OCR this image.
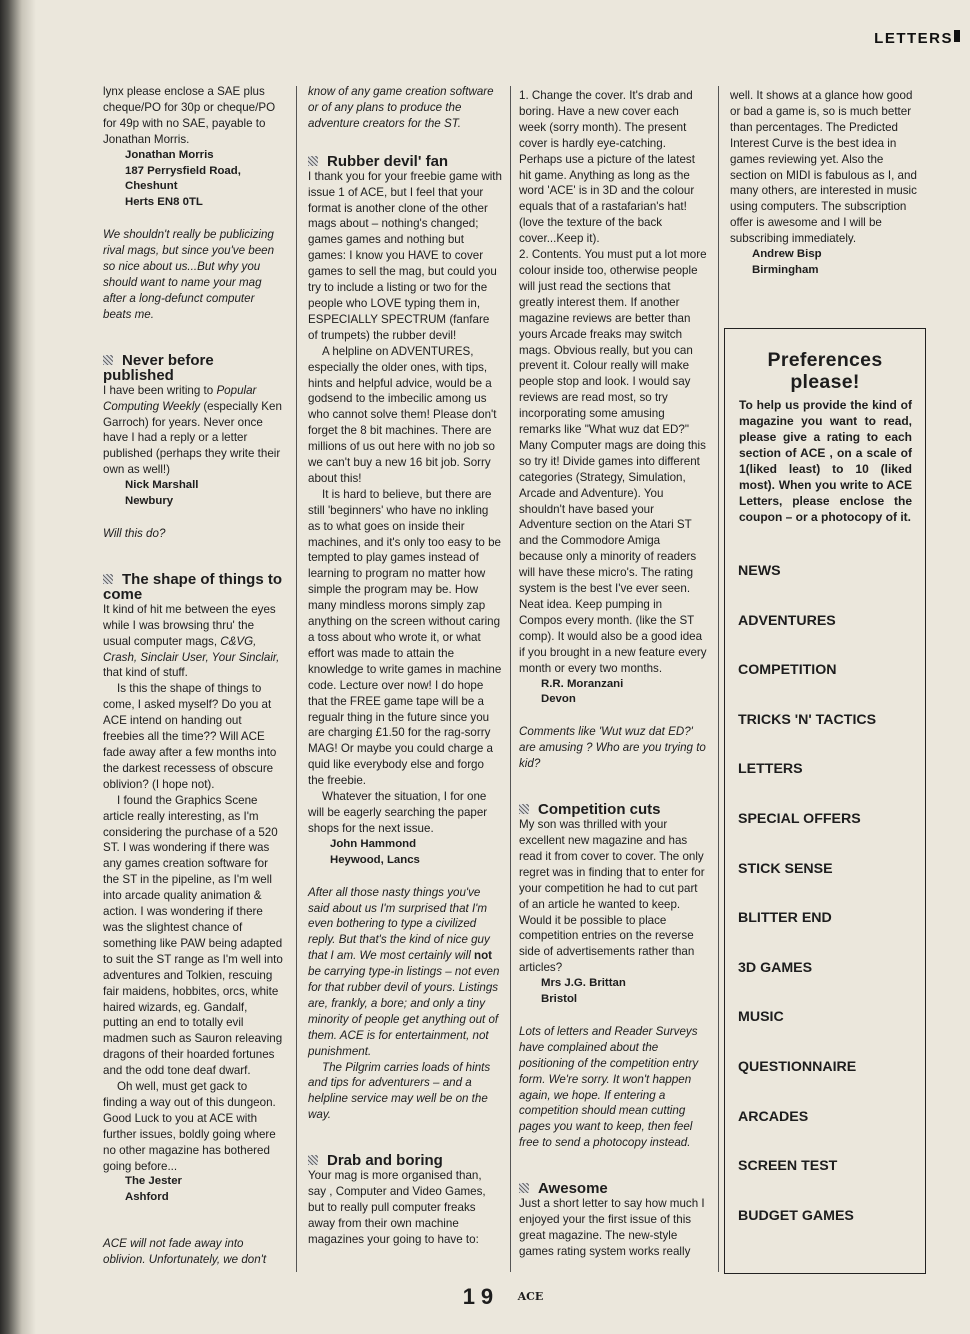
LETTERS

lynx please enclose a SAE plus cheque/PO for 30p or cheque/PO for 49p with no SAE, payable to Jonathan Morris.

Jonathan Morris
187 Perrysfield Road,
Cheshunt
Herts EN8 0TL

We shouldn't really be publicizing rival mags, but since you've been so nice about us...But why you should want to name your mag after a long-defunct computer beats me.

Never before published

I have been writing to Popular Computing Weekly (especially Ken Garroch) for years. Never once have I had a reply or a letter published (perhaps they write their own as well!)

Nick Marshall
Newbury

Will this do?

The shape of things to come

It kind of hit me between the eyes while I was browsing thru' the usual computer mags, C&VG, Crash, Sinclair User, Your Sinclair, that kind of stuff.

Is this the shape of things to come, I asked myself? Do you at ACE intend on handing out freebies all the time?? Will ACE fade away after a few months into the darkest recessess of obscure oblivion? (I hope not).

I found the Graphics Scene article really interesting, as I'm considering the purchase of a 520 ST. I was wondering if there was any games creation software for the ST in the pipeline, as I'm well into arcade quality animation & action. I was wondering if there was the slightest chance of something like PAW being adapted to suit the ST range as I'm well into adventures and Tolkien, rescuing fair maidens, hobbites, orcs, white haired wizards, eg. Gandalf, putting an end to totally evil madmen such as Sauron releaving dragons of their hoarded fortunes and the odd tone deaf dwarf.

Oh well, must get gack to finding a way out of this dungeon. Good Luck to you at ACE with further issues, boldly going where no other magazine has bothered going before...

The Jester
Ashford

ACE will not fade away into oblivion. Unfortunately, we don't

know of any game creation software or of any plans to produce the adventure creators for the ST.

Rubber devil' fan

I thank you for your freebie game with issue 1 of ACE, but I feel that your format is another clone of the other mags about – nothing's changed; games games and nothing but games: I know you HAVE to cover games to sell the mag, but could you try to include a listing or two for the people who LOVE typing them in, ESPECIALLY SPECTRUM (fanfare of trumpets) the rubber devil!

A helpline on ADVENTURES, especially the older ones, with tips, hints and helpful advice, would be a godsend to the imbecilic among us who cannot solve them! Please don't forget the 8 bit machines. There are millions of us out here with no job so we can't buy a new 16 bit job. Sorry about this!

It is hard to believe, but there are still 'beginners' who have no inkling as to what goes on inside their machines, and it's only too easy to be tempted to play games instead of learning to program no matter how simple the program may be. How many mindless morons simply zap anything on the screen without caring a toss about who wrote it, or what effort was made to attain the knowledge to write games in machine code. Lecture over now! I do hope that the FREE game tape will be a regualr thing in the future since you are charging £1.50 for the rag-sorry MAG! Or maybe you could charge a quid like everybody else and forgo the freebie.

Whatever the situation, I for one will be eagerly searching the paper shops for the next issue.

John Hammond
Heywood, Lancs

After all those nasty things you've said about us I'm surprised that I'm even bothering to type a civilized reply. But that's the kind of nice guy that I am. We most certainly will not be carrying type-in listings – not even for that rubber devil of yours. Listings are, frankly, a bore; and only a tiny minority of people get anything out of them. ACE is for entertainment, not punishment.

The Pilgrim carries loads of hints and tips for adventurers – and a helpline service may well be on the way.

Drab and boring

Your mag is more organised than, say , Computer and Video Games, but to really pull computer freaks away from their own machine magazines your going to have to:

1. Change the cover. It's drab and boring. Have a new cover each week (sorry month). The present cover is hardly eye-catching. Perhaps use a picture of the latest hit game. Anything as long as the word 'ACE' is in 3D and the colour equals that of a rastafarian's hat! (love the texture of the back cover...Keep it).

2. Contents. You must put a lot more colour inside too, otherwise people will just read the sections that greatly interest them. If another magazine reviews are better than yours Arcade freaks may switch mags. Obvious really, but you can prevent it. Colour really will make people stop and look. I would say reviews are read most, so try incorporating some amusing remarks like "What wuz dat ED?" Many Computer mags are doing this so try it! Divide games into different categories (Strategy, Simulation, Arcade and Adventure). You shouldn't have based your Adventure section on the Atari ST and the Commodore Amiga because only a minority of readers will have these micro's. The rating system is the best I've ever seen. Neat idea. Keep pumping in Compos every month. (like the ST comp). It would also be a good idea if you brought in a new feature every month or every two months.

R.R. Moranzani
Devon

Comments like 'Wut wuz dat ED?' are amusing ? Who are you trying to kid?

Competition cuts

My son was thrilled with your excellent new magazine and has read it from cover to cover. The only regret was in finding that to enter for your competition he had to cut part of an article he wanted to keep. Would it be possible to place competition entries on the reverse side of advertisements rather than articles?

Mrs J.G. Brittan
Bristol

Lots of letters and Reader Surveys have complained about the positioning of the competition entry form. We're sorry. It won't happen again, we hope. If entering a competition should mean cutting pages you want to keep, then feel free to send a photocopy instead.

Awesome

Just a short letter to say how much I enjoyed your the first issue of this great magazine. The new-style games rating system works really

well. It shows at a glance how good or bad a game is, so is much better than percentages. The Predicted Interest Curve is the best idea in games reviewing yet. Also the section on MIDI is fabulous as I, and many others, are interested in music using computers. The subscription offer is awesome and I will be subscribing immediately.

Andrew Bisp
Birmingham
Preferences
please!

To help us provide the kind of magazine you want to read, please give a rating to each section of ACE , on a scale of 1(liked least) to 10 (liked most). When you write to ACE Letters, please enclose the coupon – or a photocopy of it.

NEWS
ADVENTURES
COMPETITION
TRICKS 'N' TACTICS
LETTERS
SPECIAL OFFERS
STICK SENSE
BLITTER END
3D GAMES
MUSIC
QUESTIONNAIRE
ARCADES
SCREEN TEST
BUDGET GAMES
19 ACE
